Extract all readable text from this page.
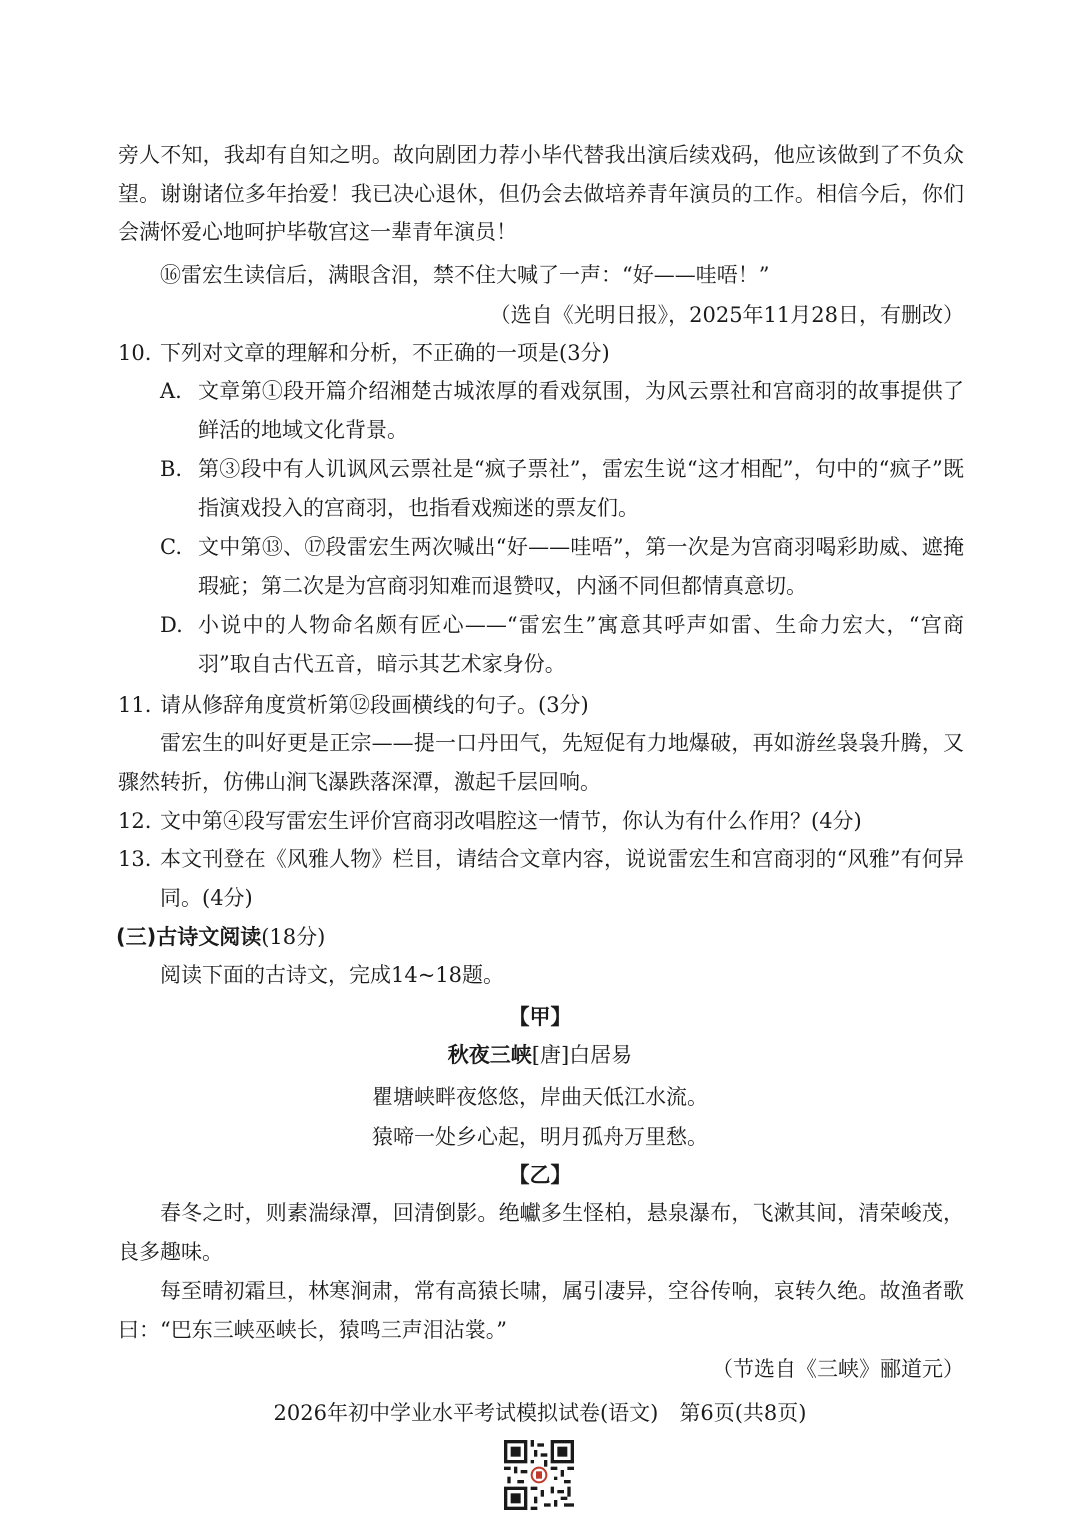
旁人不知，我却有自知之明。故向剧团力荐小毕代替我出演后续戏码，他应该做到了不负众望。谢谢诸位多年抬爱！我已决心退休，但仍会去做培养青年演员的工作。相信今后，你们会满怀爱心地呵护毕敬宫这一辈青年演员！
⑯雷宏生读信后，满眼含泪，禁不住大喊了一声：“好——哇唔！”
（选自《光明日报》，2025年11月28日，有删改）
10. 下列对文章的理解和分析，不正确的一项是(3分)
A. 文章第①段开篇介绍湘楚古城浓厚的看戏氛围，为风云票社和宫商羽的故事提供了鲜活的地域文化背景。
B. 第③段中有人讥讽风云票社是“疯子票社”，雷宏生说“这才相配”，句中的“疯子”既指演戏投入的宫商羽，也指看戏痴迷的票友们。
C. 文中第⑬、⑰段雷宏生两次喊出“好——哇唔”，第一次是为宫商羽喝彩助威、遮掩瑕疵；第二次是为宫商羽知难而退赞叹，内涵不同但都情真意切。
D. 小说中的人物命名颇有匠心——“雷宏生”寓意其呼声如雷、生命力宏大，“宫商羽”取自古代五音，暗示其艺术家身份。
11. 请从修辞角度赏析第⑫段画横线的句子。(3分)
雷宏生的叫好更是正宗——提一口丹田气，先短促有力地爆破，再如游丝袅袅升腾，又骤然转折，仿佛山涧飞瀑跌落深潭，激起千层回响。
12. 文中第④段写雷宏生评价宫商羽改唱腔这一情节，你认为有什么作用？(4分)
13. 本文刊登在《风雅人物》栏目，请结合文章内容，说说雷宏生和宫商羽的“风雅”有何异同。(4分)
(三)古诗文阅读(18分)
阅读下面的古诗文，完成14~18题。
【甲】
秋夜三峡[唐]白居易
瞿塘峡畔夜悠悠，岸曲天低江水流。
猿啼一处乡心起，明月孤舟万里愁。
【乙】
春冬之时，则素湍绿潭，回清倒影。绝巘多生怪柏，悬泉瀑布，飞漱其间，清荣峻茂，良多趣味。
每至晴初霜旦，林寒涧肃，常有高猿长啸，属引凄异，空谷传响，哀转久绝。故渔者歌曰：“巴东三峡巫峡长，猿鸣三声泪沾裳。”
（节选自《三峡》郦道元）
2026年初中学业水平考试模拟试卷(语文)　第6页(共8页)
